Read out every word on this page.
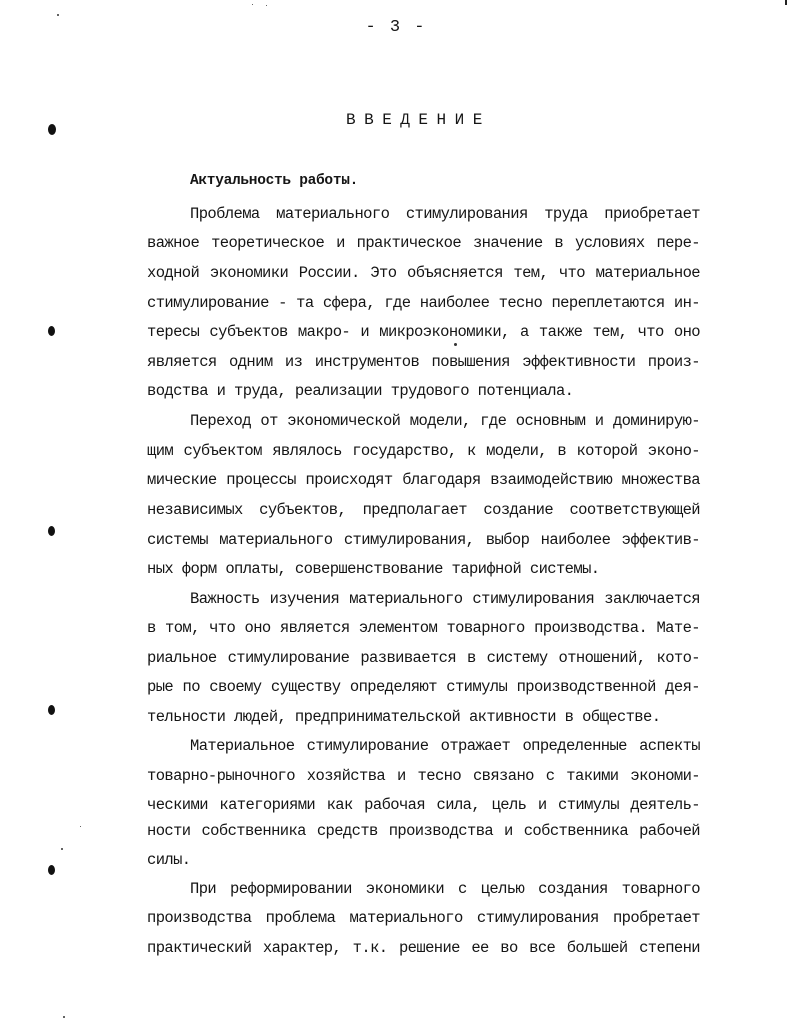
- 3 -
ВВЕДЕНИЕ
Актуальность работы.
Проблема материального стимулирования труда приобретает
важное теоретическое и практическое значение в условиях пере-
ходной экономики России. Это объясняется тем, что материальное
стимулирование - та сфера, где наиболее тесно переплетаются ин-
тересы субъектов макро- и микроэкономики, а также тем, что оно
является одним из инструментов повышения эффективности произ-
водства и труда, реализации трудового потенциала.
Переход от экономической модели, где основным и доминирую-
щим субъектом являлось государство, к модели, в которой эконо-
мические процессы происходят благодаря взаимодействию множества
независимых субъектов, предполагает создание соответствующей
системы материального стимулирования, выбор наиболее эффектив-
ных форм оплаты, совершенствование тарифной системы.
Важность изучения материального стимулирования заключается
в том, что оно является элементом товарного производства. Мате-
риальное стимулирование развивается в систему отношений, кото-
рые по своему существу определяют стимулы производственной дея-
тельности людей, предпринимательской активности в обществе.
Материальное стимулирование отражает определенные аспекты
товарно-рыночного хозяйства и тесно связано с такими экономи-
ческими категориями как рабочая сила, цель и стимулы деятель-
ности собственника средств производства и собственника рабочей
силы.
При реформировании экономики с целью создания товарного
производства проблема материального стимулирования пробретает
практический характер, т.к. решение ее во все большей степени
